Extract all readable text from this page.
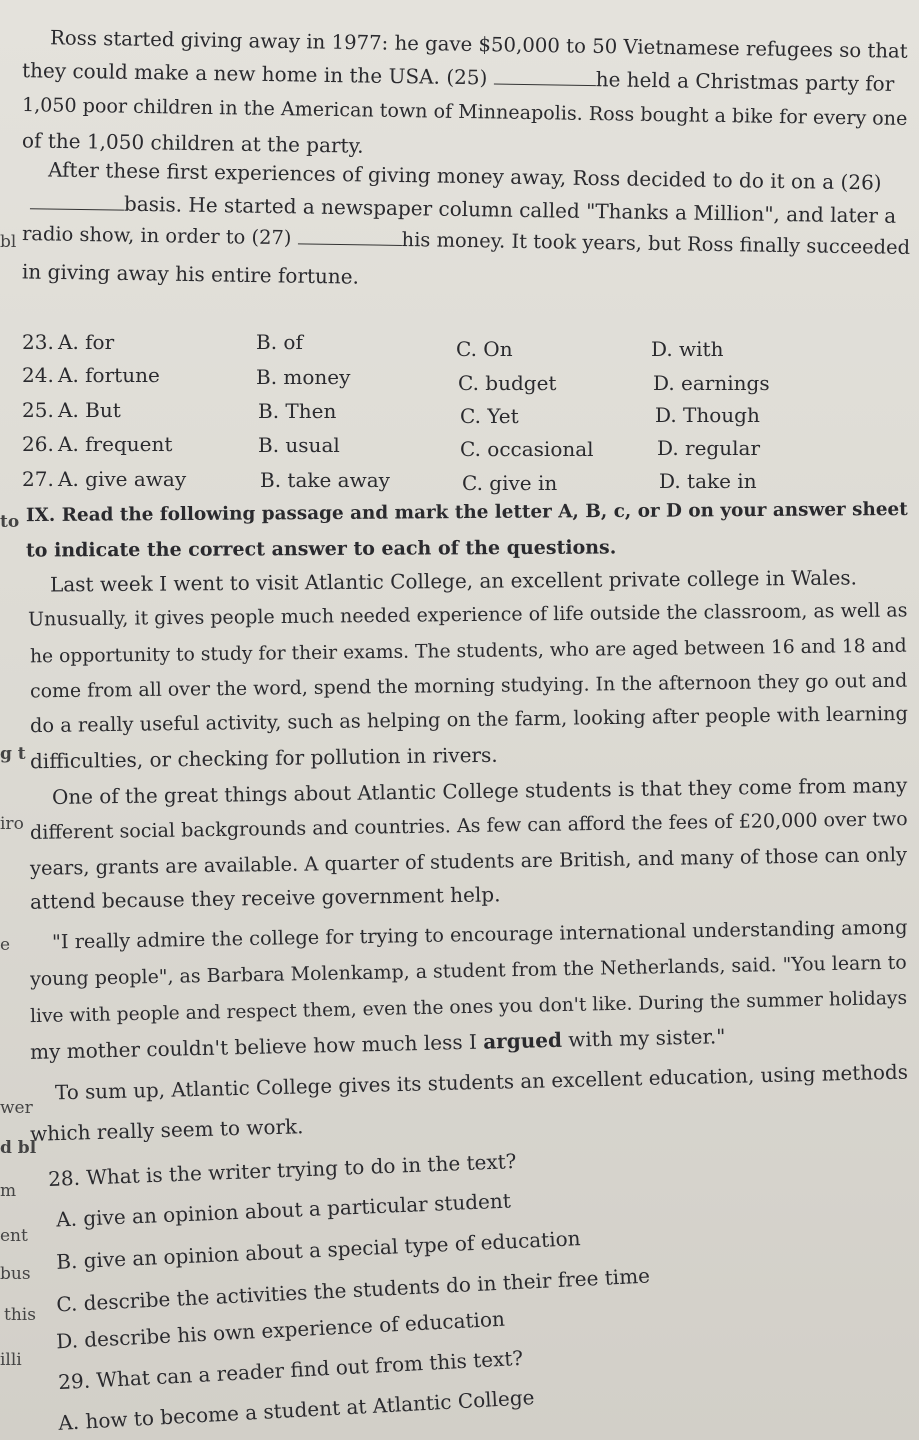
Ross started giving away in 1977: he gave $50,000 to 50 Vietnamese refugees so that
they could make a new home in the USA. (25)	he held a Christmas party for
1,050 poor children in the American town of Minneapolis. Ross bought a bike for every one
of the 1,050 children at the party.
After these first experiences of giving money away, Ross decided to do it on a (26)
basis. He started a newspaper column called "Thanks a Million", and later a
radio show, in order to (27)	his money. It took years, but Ross finally succeeded
in giving away his entire fortune.
23. A. for	B. of	C. On	D. with
24. A. fortune	B. money	C. budget	D. earnings
25. A. But	B. Then	C. Yet	D. Though
26. A. frequent	B. usual	C. occasional	D. regular
27. A. give away	B. take away	C. give in	D. take in
IX. Read the following passage and mark the letter A, B, c, or D on your answer sheet
to indicate the correct answer to each of the questions.
Last week I went to visit Atlantic College, an excellent private college in Wales.
Unusually, it gives people much needed experience of life outside the classroom, as well as
he opportunity to study for their exams. The students, who are aged between 16 and 18 and
come from all over the word, spend the morning studying. In the afternoon they go out and
do a really useful activity, such as helping on the farm, looking after people with learning
difficulties, or checking for pollution in rivers.
One of the great things about Atlantic College students is that they come from many
different social backgrounds and countries. As few can afford the fees of £20,000 over two
years, grants are available. A quarter of students are British, and many of those can only
attend because they receive government help.
"I really admire the college for trying to encourage international understanding among
young people", as Barbara Molenkamp, a student from the Netherlands, said. "You learn to
live with people and respect them, even the ones you don't like. During the summer holidays
my mother couldn't believe how much less I argued with my sister."
To sum up, Atlantic College gives its students an excellent education, using methods
which really seem to work.
28. What is the writer trying to do in the text?
A. give an opinion about a particular student
B. give an opinion about a special type of education
C. describe the activities the students do in their free time
D. describe his own experience of education
29. What can a reader find out from this text?
A. how to become a student at Atlantic College
bl
to
g t
iro
e
wer
d bl
m
ent
bus
this
illi
